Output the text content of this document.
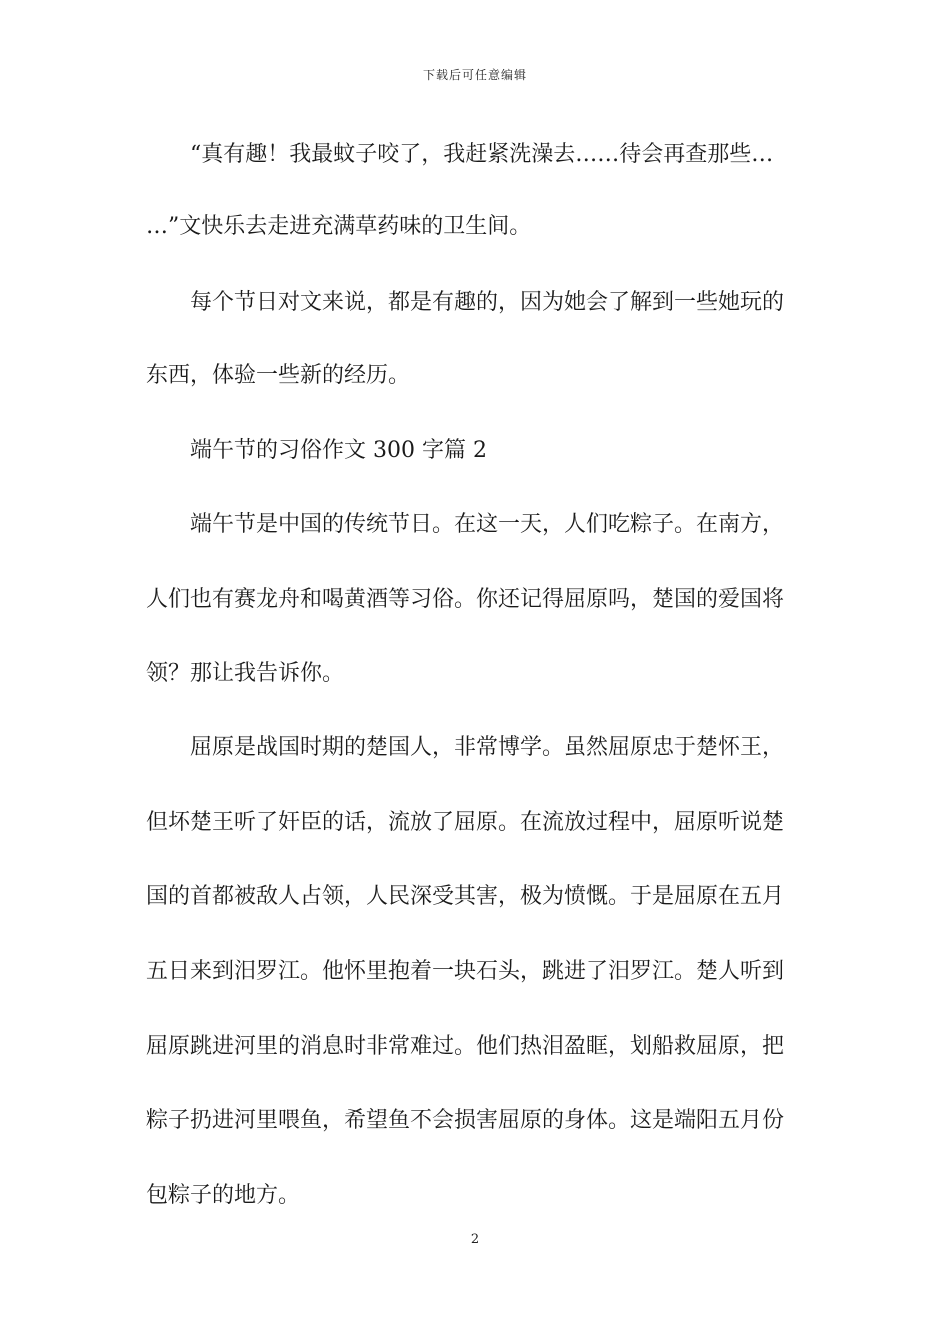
下载后可任意编辑
“真有趣！我最蚊子咬了，我赶紧洗澡去……待会再查那些…
…”文快乐去走进充满草药味的卫生间。
每个节日对文来说，都是有趣的，因为她会了解到一些她玩的
东西，体验一些新的经历。
端午节的习俗作文 300 字篇 2
端午节是中国的传统节日。在这一天，人们吃粽子。在南方，
人们也有赛龙舟和喝黄酒等习俗。你还记得屈原吗，楚国的爱国将
领？那让我告诉你。
屈原是战国时期的楚国人，非常博学。虽然屈原忠于楚怀王，
但坏楚王听了奸臣的话，流放了屈原。在流放过程中，屈原听说楚
国的首都被敌人占领，人民深受其害，极为愤慨。于是屈原在五月
五日来到汨罗江。他怀里抱着一块石头，跳进了汨罗江。楚人听到
屈原跳进河里的消息时非常难过。他们热泪盈眶，划船救屈原，把
粽子扔进河里喂鱼，希望鱼不会损害屈原的身体。这是端阳五月份
包粽子的地方。
2
